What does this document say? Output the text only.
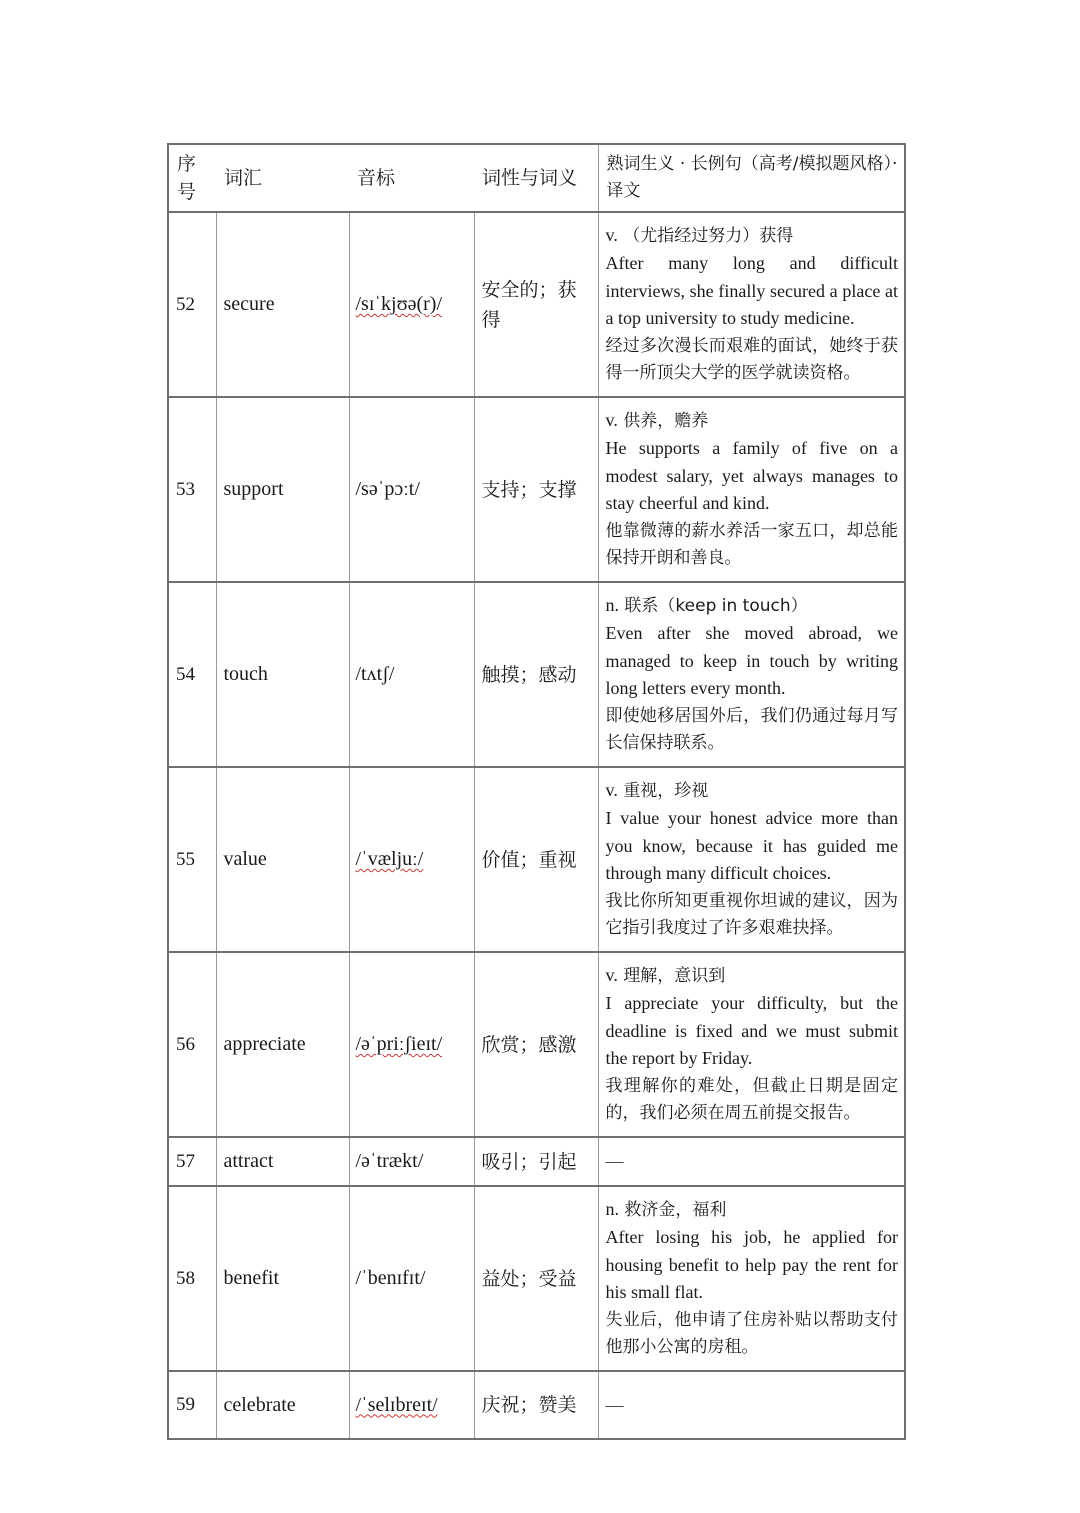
序号	词汇	音标	词性与词义	熟词生义 · 长例句（高考/模拟题风格）· 译文
52	secure	/sɪˈkjʊə(r)/	安全的；获得	v. （尤指经过努力）获得
After many long and difficult interviews, she finally secured a place at a top university to study medicine.
经过多次漫长而艰难的面试，她终于获得一所顶尖大学的医学就读资格。

53	support	/səˈpɔːt/	支持；支撑	v. 供养，赡养
He supports a family of five on a modest salary, yet always manages to stay cheerful and kind.
他靠微薄的薪水养活一家五口，却总能保持开朗和善良。

54	touch	/tʌtʃ/	触摸；感动	n. 联系（keep in touch）
Even after she moved abroad, we managed to keep in touch by writing long letters every month.
即使她移居国外后，我们仍通过每月写长信保持联系。

55	value	/ˈvæljuː/	价值；重视	v. 重视，珍视
I value your honest advice more than you know, because it has guided me through many difficult choices.
我比你所知更重视你坦诚的建议，因为它指引我度过了许多艰难抉择。

56	appreciate	/əˈpriːʃieɪt/	欣赏；感激	v. 理解，意识到
I appreciate your difficulty, but the deadline is fixed and we must submit the report by Friday.
我理解你的难处，但截止日期是固定的，我们必须在周五前提交报告。

57	attract	/əˈtrækt/	吸引；引起	—
58	benefit	/ˈbenɪfɪt/	益处；受益	n. 救济金，福利
After losing his job, he applied for housing benefit to help pay the rent for his small flat.
失业后，他申请了住房补贴以帮助支付他那小公寓的房租。

59	celebrate	/ˈselɪbreɪt/	庆祝；赞美	—
